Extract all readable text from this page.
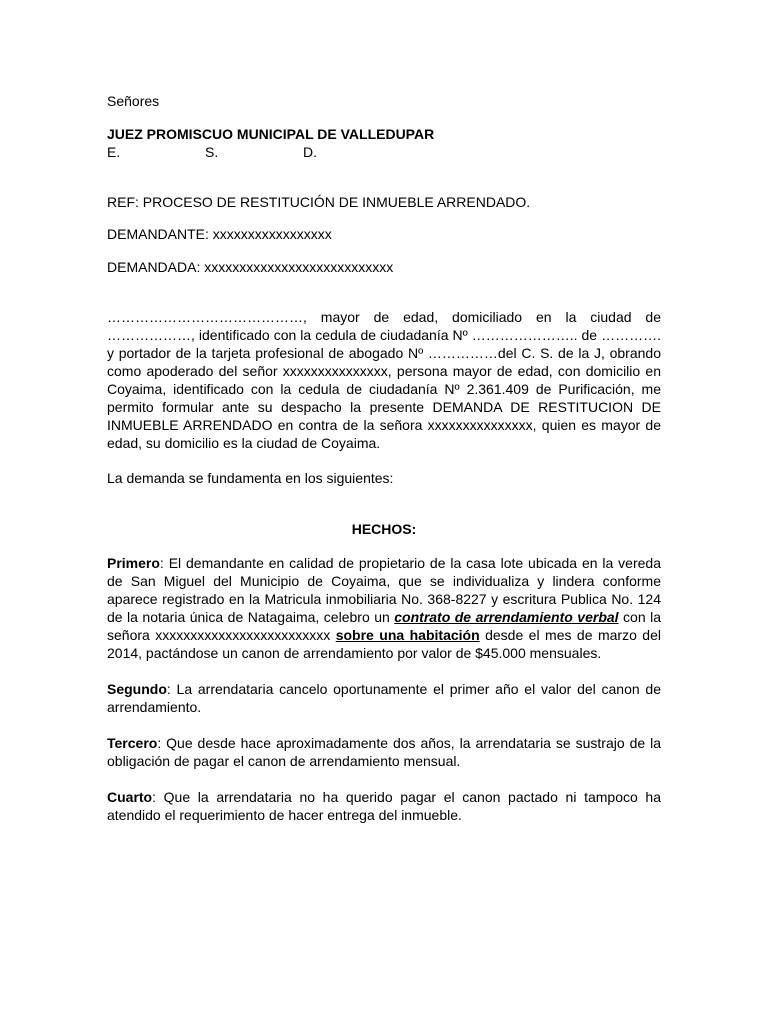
Señores

JUEZ PROMISCUO MUNICIPAL DE VALLEDUPAR

E.	S.	D.

REF: PROCESO DE RESTITUCIÓN DE INMUEBLE ARRENDADO.

DEMANDANTE: xxxxxxxxxxxxxxxxx

DEMANDADA: xxxxxxxxxxxxxxxxxxxxxxxxxxx

……………………………………, mayor de edad, domiciliado en la ciudad de ………………, identificado con la cedula de ciudadanía Nº ………………….. de …………. y portador de la tarjeta profesional de abogado Nº ……………del C. S. de la J, obrando como apoderado del señor xxxxxxxxxxxxxxx, persona mayor de edad, con domicilio en Coyaima, identificado con la cedula de ciudadanía Nº 2.361.409 de Purificación, me permito formular ante su despacho la presente DEMANDA DE RESTITUCION DE INMUEBLE ARRENDADO en contra de la señora xxxxxxxxxxxxxxx, quien es mayor de edad, su domicilio es la ciudad de Coyaima.

La demanda se fundamenta en los siguientes:

HECHOS:

Primero: El demandante en calidad de propietario de la casa lote ubicada en la vereda de San Miguel del Municipio de Coyaima, que se individualiza y lindera conforme aparece registrado en la Matricula inmobiliaria No. 368-8227 y escritura Publica No. 124 de la notaria única de Natagaima, celebro un contrato de arrendamiento verbal con la señora xxxxxxxxxxxxxxxxxxxxxxxxx sobre una habitación desde el mes de marzo del 2014, pactándose un canon de arrendamiento por valor de $45.000 mensuales.

Segundo: La arrendataria cancelo oportunamente el primer año el valor del canon de arrendamiento.

Tercero: Que desde hace aproximadamente dos años, la arrendataria se sustrajo de la obligación de pagar el canon de arrendamiento mensual.

Cuarto: Que la arrendataria no ha querido pagar el canon pactado ni tampoco ha atendido el requerimiento de hacer entrega del inmueble.
